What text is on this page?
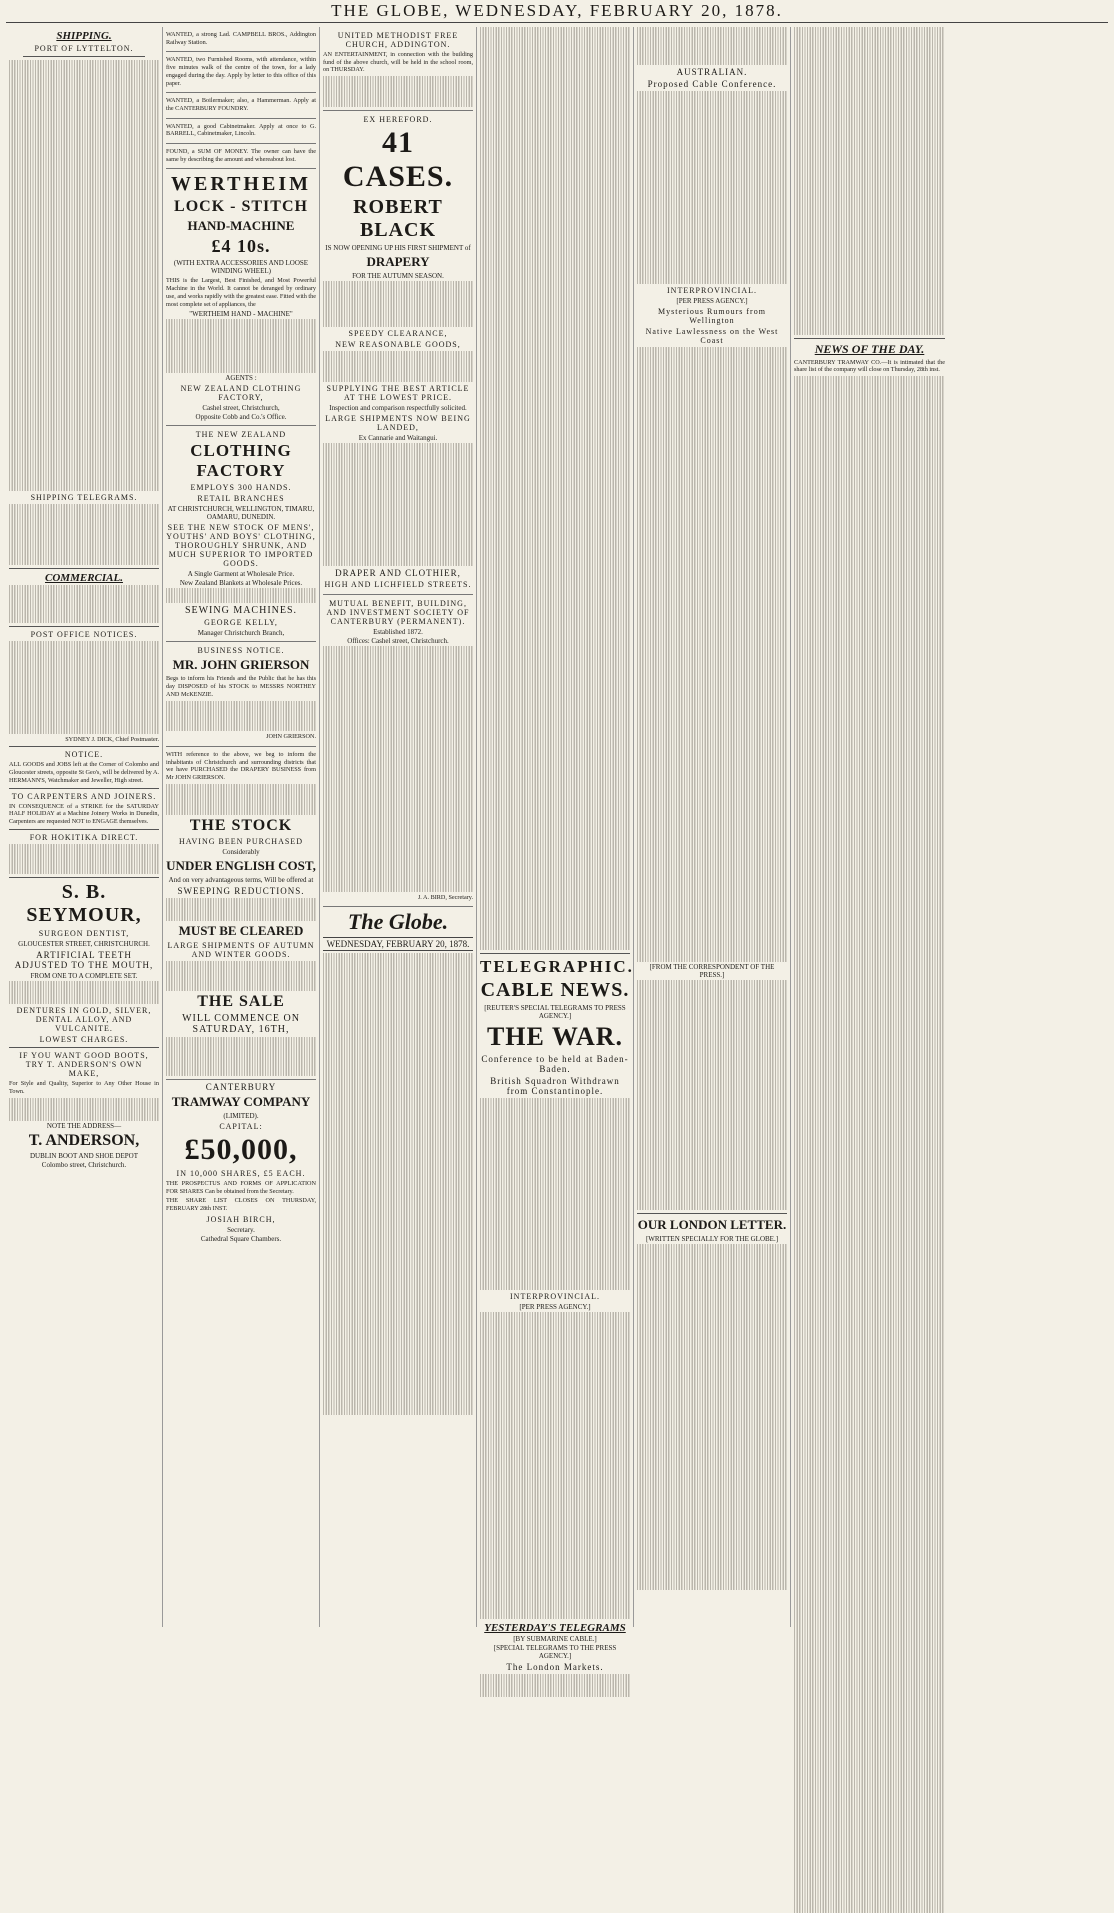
THE GLOBE, WEDNESDAY, FEBRUARY 20, 1878.
SHIPPING.
PORT OF LYTTELTON.
SHIPPING TELEGRAMS.
COMMERCIAL.
POST OFFICE NOTICES.
SYDNEY J. DICK, Chief Postmaster.
NOTICE.
ALL GOODS and JOBS left at the Corner of Colombo and Gloucester streets, opposite St Geo's, will be delivered by A. HERMANN'S, Watchmaker and Jeweller, High street.
TO CARPENTERS AND JOINERS.
IN CONSEQUENCE of a STRIKE for the SATURDAY HALF HOLIDAY at a Machine Joinery Works in Dunedin, Carpenters are requested NOT to ENGAGE themselves.
FOR HOKITIKA DIRECT.
S. B. SEYMOUR,
SURGEON DENTIST,
GLOUCESTER STREET, CHRISTCHURCH.
ARTIFICIAL TEETH ADJUSTED TO THE MOUTH,
FROM ONE TO A COMPLETE SET.
DENTURES IN GOLD, SILVER, DENTAL ALLOY, AND VULCANITE.
LOWEST CHARGES.
IF YOU WANT GOOD BOOTS, TRY T. ANDERSON'S OWN MAKE,
For Style and Quality, Superior to Any Other House in Town.
NOTE THE ADDRESS—
T. ANDERSON,
DUBLIN BOOT AND SHOE DEPOT
Colombo street, Christchurch.
WANTED, a strong Lad. CAMPBELL BROS., Addington Railway Station.
WANTED, two Furnished Rooms, with attendance, within five minutes walk of the centre of the town, for a lady engaged during the day. Apply by letter to this office of this paper.
WANTED, a Boilermaker; also, a Hammerman. Apply at the CANTERBURY FOUNDRY.
WANTED, a good Cabinetmaker. Apply at once to G. BARRELL, Cabinetmaker, Lincoln.
FOUND, a SUM OF MONEY. The owner can have the same by describing the amount and whereabout lost.
WERTHEIM
LOCK - STITCH
HAND-MACHINE
£4 10s.
(WITH EXTRA ACCESSORIES AND LOOSE WINDING WHEEL)
THIS is the Largest, Best Finished, and Most Powerful Machine in the World. It cannot be deranged by ordinary use, and works rapidly with the greatest ease. Fitted with the most complete set of appliances, the
"WERTHEIM HAND - MACHINE"
AGENTS :
NEW ZEALAND CLOTHING FACTORY,
Cashel street, Christchurch,
Opposite Cobb and Co.'s Office.
THE NEW ZEALAND
CLOTHING FACTORY
EMPLOYS 300 HANDS.
RETAIL BRANCHES
AT CHRISTCHURCH, WELLINGTON, TIMARU, OAMARU, DUNEDIN.
SEE THE NEW STOCK OF MENS', YOUTHS' AND BOYS' CLOTHING, THOROUGHLY SHRUNK, AND MUCH SUPERIOR TO IMPORTED GOODS.
A Single Garment at Wholesale Price.
New Zealand Blankets at Wholesale Prices.
SEWING MACHINES.
GEORGE KELLY,
Manager Christchurch Branch,
BUSINESS NOTICE.
MR. JOHN GRIERSON
Begs to inform his Friends and the Public that he has this day DISPOSED of his STOCK to MESSRS NORTHEY AND McKENZIE.
JOHN GRIERSON.
WITH reference to the above, we beg to inform the inhabitants of Christchurch and surrounding districts that we have PURCHASED the DRAPERY BUSINESS from Mr JOHN GRIERSON.
THE STOCK
HAVING BEEN PURCHASED
Considerably
UNDER ENGLISH COST,
And on very advantageous terms, Will be offered at
SWEEPING REDUCTIONS.
MUST BE CLEARED
LARGE SHIPMENTS OF AUTUMN AND WINTER GOODS.
THE SALE
WILL COMMENCE ON SATURDAY, 16TH,
CANTERBURY
TRAMWAY COMPANY
(LIMITED).
CAPITAL:
£50,000,
IN 10,000 SHARES, £5 EACH.
THE PROSPECTUS AND FORMS OF APPLICATION FOR SHARES Can be obtained from the Secretary.
THE SHARE LIST CLOSES ON THURSDAY, FEBRUARY 28th INST.
JOSIAH BIRCH,
Secretary.
Cathedral Square Chambers.
UNITED METHODIST FREE CHURCH, ADDINGTON.
AN ENTERTAINMENT, in connection with the building fund of the above church, will be held in the school room, on THURSDAY.
EX HEREFORD.
41 CASES.
ROBERT BLACK
IS NOW OPENING UP HIS FIRST SHIPMENT of
DRAPERY
FOR THE AUTUMN SEASON.
SPEEDY CLEARANCE,
NEW REASONABLE GOODS,
SUPPLYING THE BEST ARTICLE AT THE LOWEST PRICE.
Inspection and comparison respectfully solicited.
LARGE SHIPMENTS NOW BEING LANDED,
Ex Cannarie and Waitangui.
DRAPER AND CLOTHIER,
HIGH AND LICHFIELD STREETS.
MUTUAL BENEFIT, BUILDING, AND INVESTMENT SOCIETY OF CANTERBURY (PERMANENT).
Established 1872.
Offices: Cashel street, Christchurch.
J. A. BIRD, Secretary.
The Globe.
WEDNESDAY, FEBRUARY 20, 1878.
TELEGRAPHIC.
CABLE NEWS.
[REUTER'S SPECIAL TELEGRAMS TO PRESS AGENCY.]
THE WAR.
Conference to be held at Baden-Baden.
British Squadron Withdrawn from Constantinople.
INTERPROVINCIAL.
[PER PRESS AGENCY.]
YESTERDAY'S TELEGRAMS
[BY SUBMARINE CABLE.]
[SPECIAL TELEGRAMS TO THE PRESS AGENCY.]
The London Markets.
AUSTRALIAN.
Proposed Cable Conference.
INTERPROVINCIAL.
[PER PRESS AGENCY.]
Mysterious Rumours from Wellington
Native Lawlessness on the West Coast
[FROM THE CORRESPONDENT OF THE PRESS.]
OUR LONDON LETTER.
[WRITTEN SPECIALLY FOR THE GLOBE.]
NEWS OF THE DAY.
CANTERBURY TRAMWAY CO.—It is intimated that the share list of the company will close on Thursday, 28th inst.
